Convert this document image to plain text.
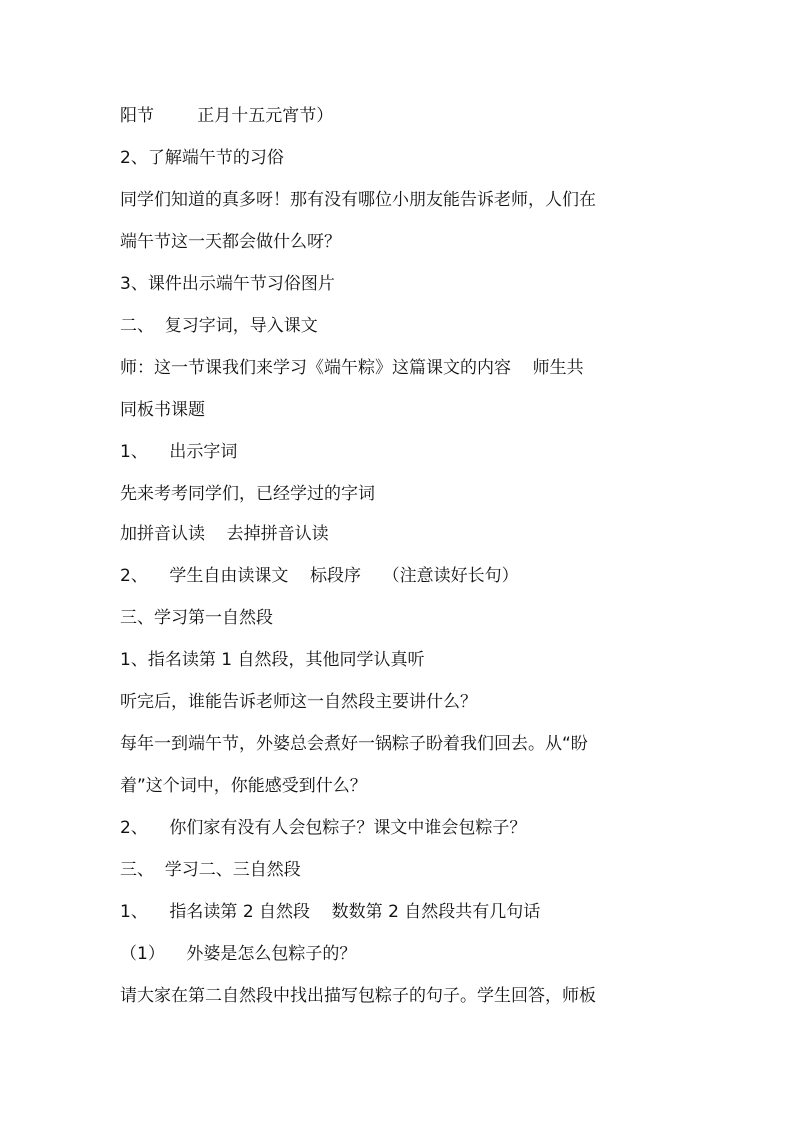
阳节        正月十五元宵节）
2、了解端午节的习俗
同学们知道的真多呀！那有没有哪位小朋友能告诉老师，人们在
端午节这一天都会做什么呀？
3、课件出示端午节习俗图片
二、  复习字词，导入课文
师：这一节课我们来学习《端午粽》这篇课文的内容    师生共
同板书课题
1、    出示字词
先来考考同学们，已经学过的字词
加拼音认读    去掉拼音认读
2、    学生自由读课文    标段序    （注意读好长句）
三、学习第一自然段
1、指名读第 1 自然段，其他同学认真听
听完后，谁能告诉老师这一自然段主要讲什么？
每年一到端午节，外婆总会煮好一锅粽子盼着我们回去。从“盼
着”这个词中，你能感受到什么？
2、    你们家有没有人会包粽子？课文中谁会包粽子？
三、  学习二、三自然段
1、    指名读第 2 自然段    数数第 2 自然段共有几句话
（1）    外婆是怎么包粽子的？
请大家在第二自然段中找出描写包粽子的句子。学生回答，师板
